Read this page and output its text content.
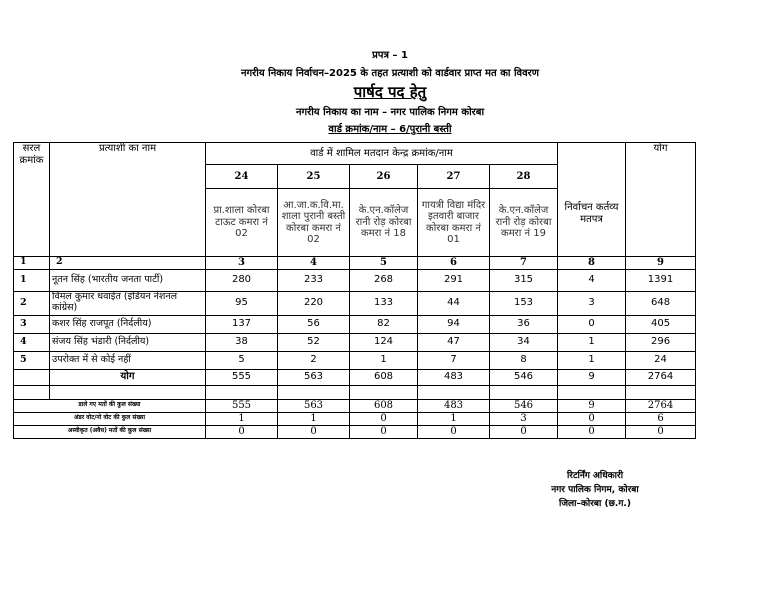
प्रपत्र – 1
नगरीय निकाय निर्वाचन–2025 के तहत प्रत्याशी को वार्डवार प्राप्त मत का विवरण
पार्षद पद हेतु
नगरीय निकाय का नाम – नगर पालिक निगम कोरबा
वार्ड क्रमांक/नाम – 6/पुरानी बस्ती
सरल क्रमांक	प्रत्याशी का नाम	वार्ड में शामिल मतदान केन्द्र क्रमांक/नाम					निर्वाचन कर्तव्य मतपत्र	योग
		24	25	26	27	28		
		प्रा.शाला कोरबा टाऊट कमरा नं 02	आ.जा.क.वि.मा. शाला पुरानी बस्ती कोरबा कमरा नं 02	के.एन.कॉलेज रानी रोड़ कोरबा कमरा नं 18	गायत्री विद्या मंदिर इतवारी बाजार कोरबा कमरा नं 01	के.एन.कॉलेज रानी रोड़ कोरबा कमरा नं 19		
1	2	3	4	5	6	7	8	9
1	नूतन सिंह (भारतीय जनता पार्टी)	280	233	268	291	315	4	1391
2	विमल कुमार धवाईत (इंडियन नेशनल कांग्रेस)	95	220	133	44	153	3	648
3	कशर सिंह राजपूत (निर्दलीय)	137	56	82	94	36	0	405
4	संजय सिंह भंडारी (निर्दलीय)	38	52	124	47	34	1	296
5	उपरोक्त में से कोई नहीं	5	2	1	7	8	1	24
	योग	555	563	608	483	546	9	2764

डाले गए मतों की कुल संख्या		555	563	608	483	546	9	2764
अंडर वोट/नो वोट की कुल संख्या		1	1	0	1	3	0	6
अस्वीकृत (अवैध) मतों की कुल संख्या		0	0	0	0	0	0	0
रिटर्निंग अधिकारी
नगर पालिक निगम, कोरबा
जिला–कोरबा (छ.ग.)
